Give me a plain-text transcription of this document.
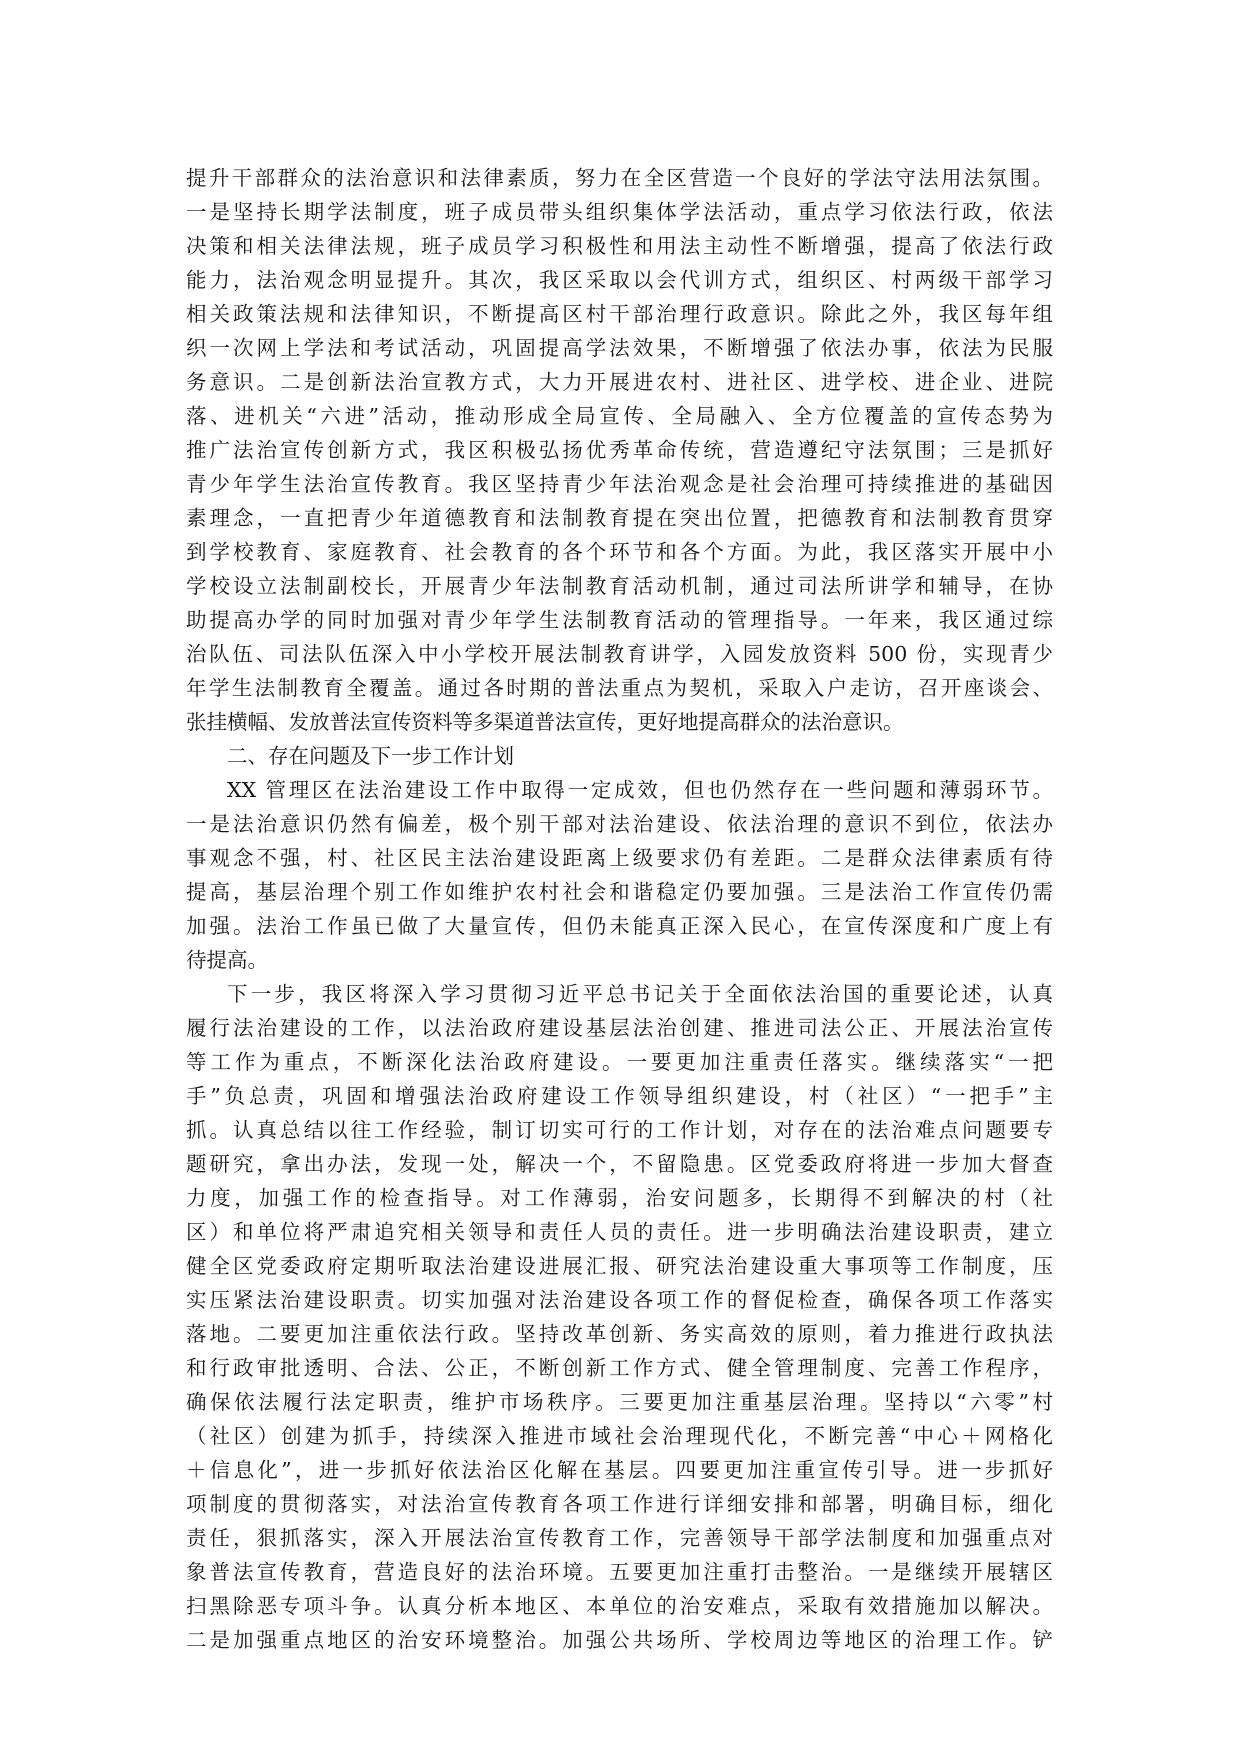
提升干部群众的法治意识和法律素质，努力在全区营造一个良好的学法守法用法氛围。
一是坚持长期学法制度，班子成员带头组织集体学法活动，重点学习依法行政，依法
决策和相关法律法规，班子成员学习积极性和用法主动性不断增强，提高了依法行政
能力，法治观念明显提升。其次，我区采取以会代训方式，组织区、村两级干部学习
相关政策法规和法律知识，不断提高区村干部治理行政意识。除此之外，我区每年组
织一次网上学法和考试活动，巩固提高学法效果，不断增强了依法办事，依法为民服
务意识。二是创新法治宣教方式，大力开展进农村、进社区、进学校、进企业、进院
落、进机关“六进”活动，推动形成全局宣传、全局融入、全方位覆盖的宣传态势为
推广法治宣传创新方式，我区积极弘扬优秀革命传统，营造遵纪守法氛围；三是抓好
青少年学生法治宣传教育。我区坚持青少年法治观念是社会治理可持续推进的基础因
素理念，一直把青少年道德教育和法制教育提在突出位置，把德教育和法制教育贯穿
到学校教育、家庭教育、社会教育的各个环节和各个方面。为此，我区落实开展中小
学校设立法制副校长，开展青少年法制教育活动机制，通过司法所讲学和辅导，在协
助提高办学的同时加强对青少年学生法制教育活动的管理指导。一年来，我区通过综
治队伍、司法队伍深入中小学校开展法制教育讲学，入园发放资料 500 份，实现青少
年学生法制教育全覆盖。通过各时期的普法重点为契机，采取入户走访，召开座谈会、
张挂横幅、发放普法宣传资料等多渠道普法宣传，更好地提高群众的法治意识。
二、存在问题及下一步工作计划
XX 管理区在法治建设工作中取得一定成效，但也仍然存在一些问题和薄弱环节。
一是法治意识仍然有偏差，极个别干部对法治建设、依法治理的意识不到位，依法办
事观念不强，村、社区民主法治建设距离上级要求仍有差距。二是群众法律素质有待
提高，基层治理个别工作如维护农村社会和谐稳定仍要加强。三是法治工作宣传仍需
加强。法治工作虽已做了大量宣传，但仍未能真正深入民心，在宣传深度和广度上有
待提高。
下一步，我区将深入学习贯彻习近平总书记关于全面依法治国的重要论述，认真
履行法治建设的工作，以法治政府建设基层法治创建、推进司法公正、开展法治宣传
等工作为重点，不断深化法治政府建设。一要更加注重责任落实。继续落实“一把
手”负总责，巩固和增强法治政府建设工作领导组织建设，村（社区）“一把手”主
抓。认真总结以往工作经验，制订切实可行的工作计划，对存在的法治难点问题要专
题研究，拿出办法，发现一处，解决一个，不留隐患。区党委政府将进一步加大督查
力度，加强工作的检查指导。对工作薄弱，治安问题多，长期得不到解决的村（社
区）和单位将严肃追究相关领导和责任人员的责任。进一步明确法治建设职责，建立
健全区党委政府定期听取法治建设进展汇报、研究法治建设重大事项等工作制度，压
实压紧法治建设职责。切实加强对法治建设各项工作的督促检查，确保各项工作落实
落地。二要更加注重依法行政。坚持改革创新、务实高效的原则，着力推进行政执法
和行政审批透明、合法、公正，不断创新工作方式、健全管理制度、完善工作程序，
确保依法履行法定职责，维护市场秩序。三要更加注重基层治理。坚持以“六零”村
（社区）创建为抓手，持续深入推进市域社会治理现代化，不断完善“中心＋网格化
＋信息化”，进一步抓好依法治区化解在基层。四要更加注重宣传引导。进一步抓好
项制度的贯彻落实，对法治宣传教育各项工作进行详细安排和部署，明确目标，细化
责任，狠抓落实，深入开展法治宣传教育工作，完善领导干部学法制度和加强重点对
象普法宣传教育，营造良好的法治环境。五要更加注重打击整治。一是继续开展辖区
扫黑除恶专项斗争。认真分析本地区、本单位的治安难点，采取有效措施加以解决。
二是加强重点地区的治安环境整治。加强公共场所、学校周边等地区的治理工作。铲
